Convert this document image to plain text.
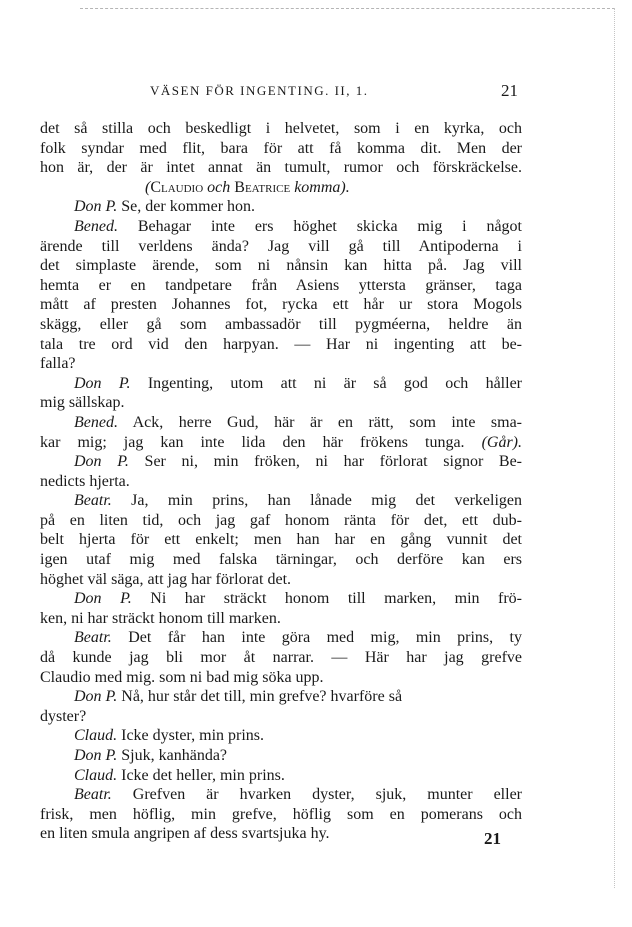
VÄSEN FÖR INGENTING. II, 1.	21
det så stilla och beskedligt i helvetet, som i en kyrka, och
folk syndar med flit, bara för att få komma dit. Men der
hon är, der är intet annat än tumult, rumor och förskräckelse.
(Claudio och Beatrice komma).
Don P. Se, der kommer hon.
Bened. Behagar inte ers höghet skicka mig i något
ärende till verldens ända? Jag vill gå till Antipoderna i
det simplaste ärende, som ni nånsin kan hitta på. Jag vill
hemta er en tandpetare från Asiens yttersta gränser, taga
mått af presten Johannes fot, rycka ett hår ur stora Mogols
skägg, eller gå som ambassadör till pygméerna, heldre än
tala tre ord vid den harpyan. — Har ni ingenting att be-
falla?
Don P. Ingenting, utom att ni är så god och håller
mig sällskap.
Bened. Ack, herre Gud, här är en rätt, som inte sma-
kar mig; jag kan inte lida den här frökens tunga. (Går).
Don P. Ser ni, min fröken, ni har förlorat signor Be-
nedicts hjerta.
Beatr. Ja, min prins, han lånade mig det verkeligen
på en liten tid, och jag gaf honom ränta för det, ett dub-
belt hjerta för ett enkelt; men han har en gång vunnit det
igen utaf mig med falska tärningar, och derföre kan ers
höghet väl säga, att jag har förlorat det.
Don P. Ni har sträckt honom till marken, min frö-
ken, ni har sträckt honom till marken.
Beatr. Det får han inte göra med mig, min prins, ty
då kunde jag bli mor åt narrar. — Här har jag grefve
Claudio med mig. som ni bad mig söka upp.
Don P. Nå, hur står det till, min grefve? hvarföre så
dyster?
Claud. Icke dyster, min prins.
Don P. Sjuk, kanhända?
Claud. Icke det heller, min prins.
Beatr. Grefven är hvarken dyster, sjuk, munter eller
frisk, men höflig, min grefve, höflig som en pomerans och
en liten smula angripen af dess svartsjuka hy.	21
